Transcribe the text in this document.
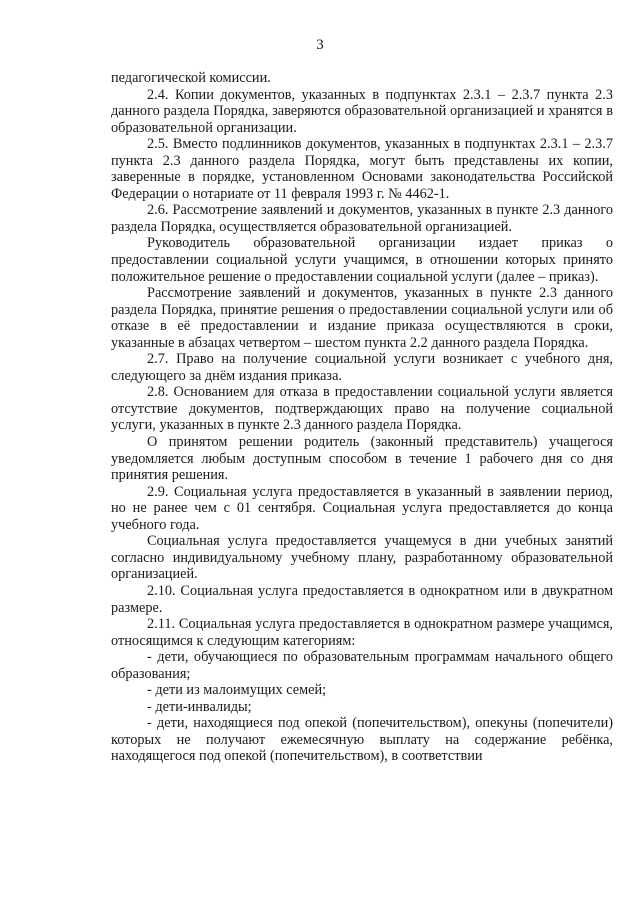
3

педагогической комиссии.

2.4. Копии документов, указанных в подпунктах 2.3.1 – 2.3.7 пункта 2.3 данного раздела Порядка, заверяются образовательной организацией и хранятся в образовательной организации.

2.5. Вместо подлинников документов, указанных в подпунктах 2.3.1 – 2.3.7 пункта 2.3 данного раздела Порядка, могут быть представлены их копии, заверенные в порядке, установленном Основами законодательства Российской Федерации о нотариате от 11 февраля 1993 г. № 4462-1.

2.6. Рассмотрение заявлений и документов, указанных в пункте 2.3 данного раздела Порядка, осуществляется образовательной организацией.

Руководитель образовательной организации издает приказ о предоставлении социальной услуги учащимся, в отношении которых принято положительное решение о предоставлении социальной услуги (далее – приказ).

Рассмотрение заявлений и документов, указанных в пункте 2.3 данного раздела Порядка, принятие решения о предоставлении социальной услуги или об отказе в её предоставлении и издание приказа осуществляются в сроки, указанные в абзацах четвертом – шестом пункта 2.2 данного раздела Порядка.

2.7. Право на получение социальной услуги возникает с учебного дня, следующего за днём издания приказа.

2.8. Основанием для отказа в предоставлении социальной услуги является отсутствие документов, подтверждающих право на получение социальной услуги, указанных в пункте 2.3 данного раздела Порядка.

О принятом решении родитель (законный представитель) учащегося уведомляется любым доступным способом в течение 1 рабочего дня со дня принятия решения.

2.9. Социальная услуга предоставляется в указанный в заявлении период, но не ранее чем с 01 сентября. Социальная услуга предоставляется до конца учебного года.

Социальная услуга предоставляется учащемуся в дни учебных занятий согласно индивидуальному учебному плану, разработанному образовательной организацией.

2.10. Социальная услуга предоставляется в однократном или в двукратном размере.

2.11. Социальная услуга предоставляется в однократном размере учащимся, относящимся к следующим категориям:

- дети, обучающиеся по образовательным программам начального общего образования;

- дети из малоимущих семей;

- дети-инвалиды;

- дети, находящиеся под опекой (попечительством), опекуны (попечители) которых не получают ежемесячную выплату на содержание ребёнка, находящегося под опекой (попечительством), в соответствии
